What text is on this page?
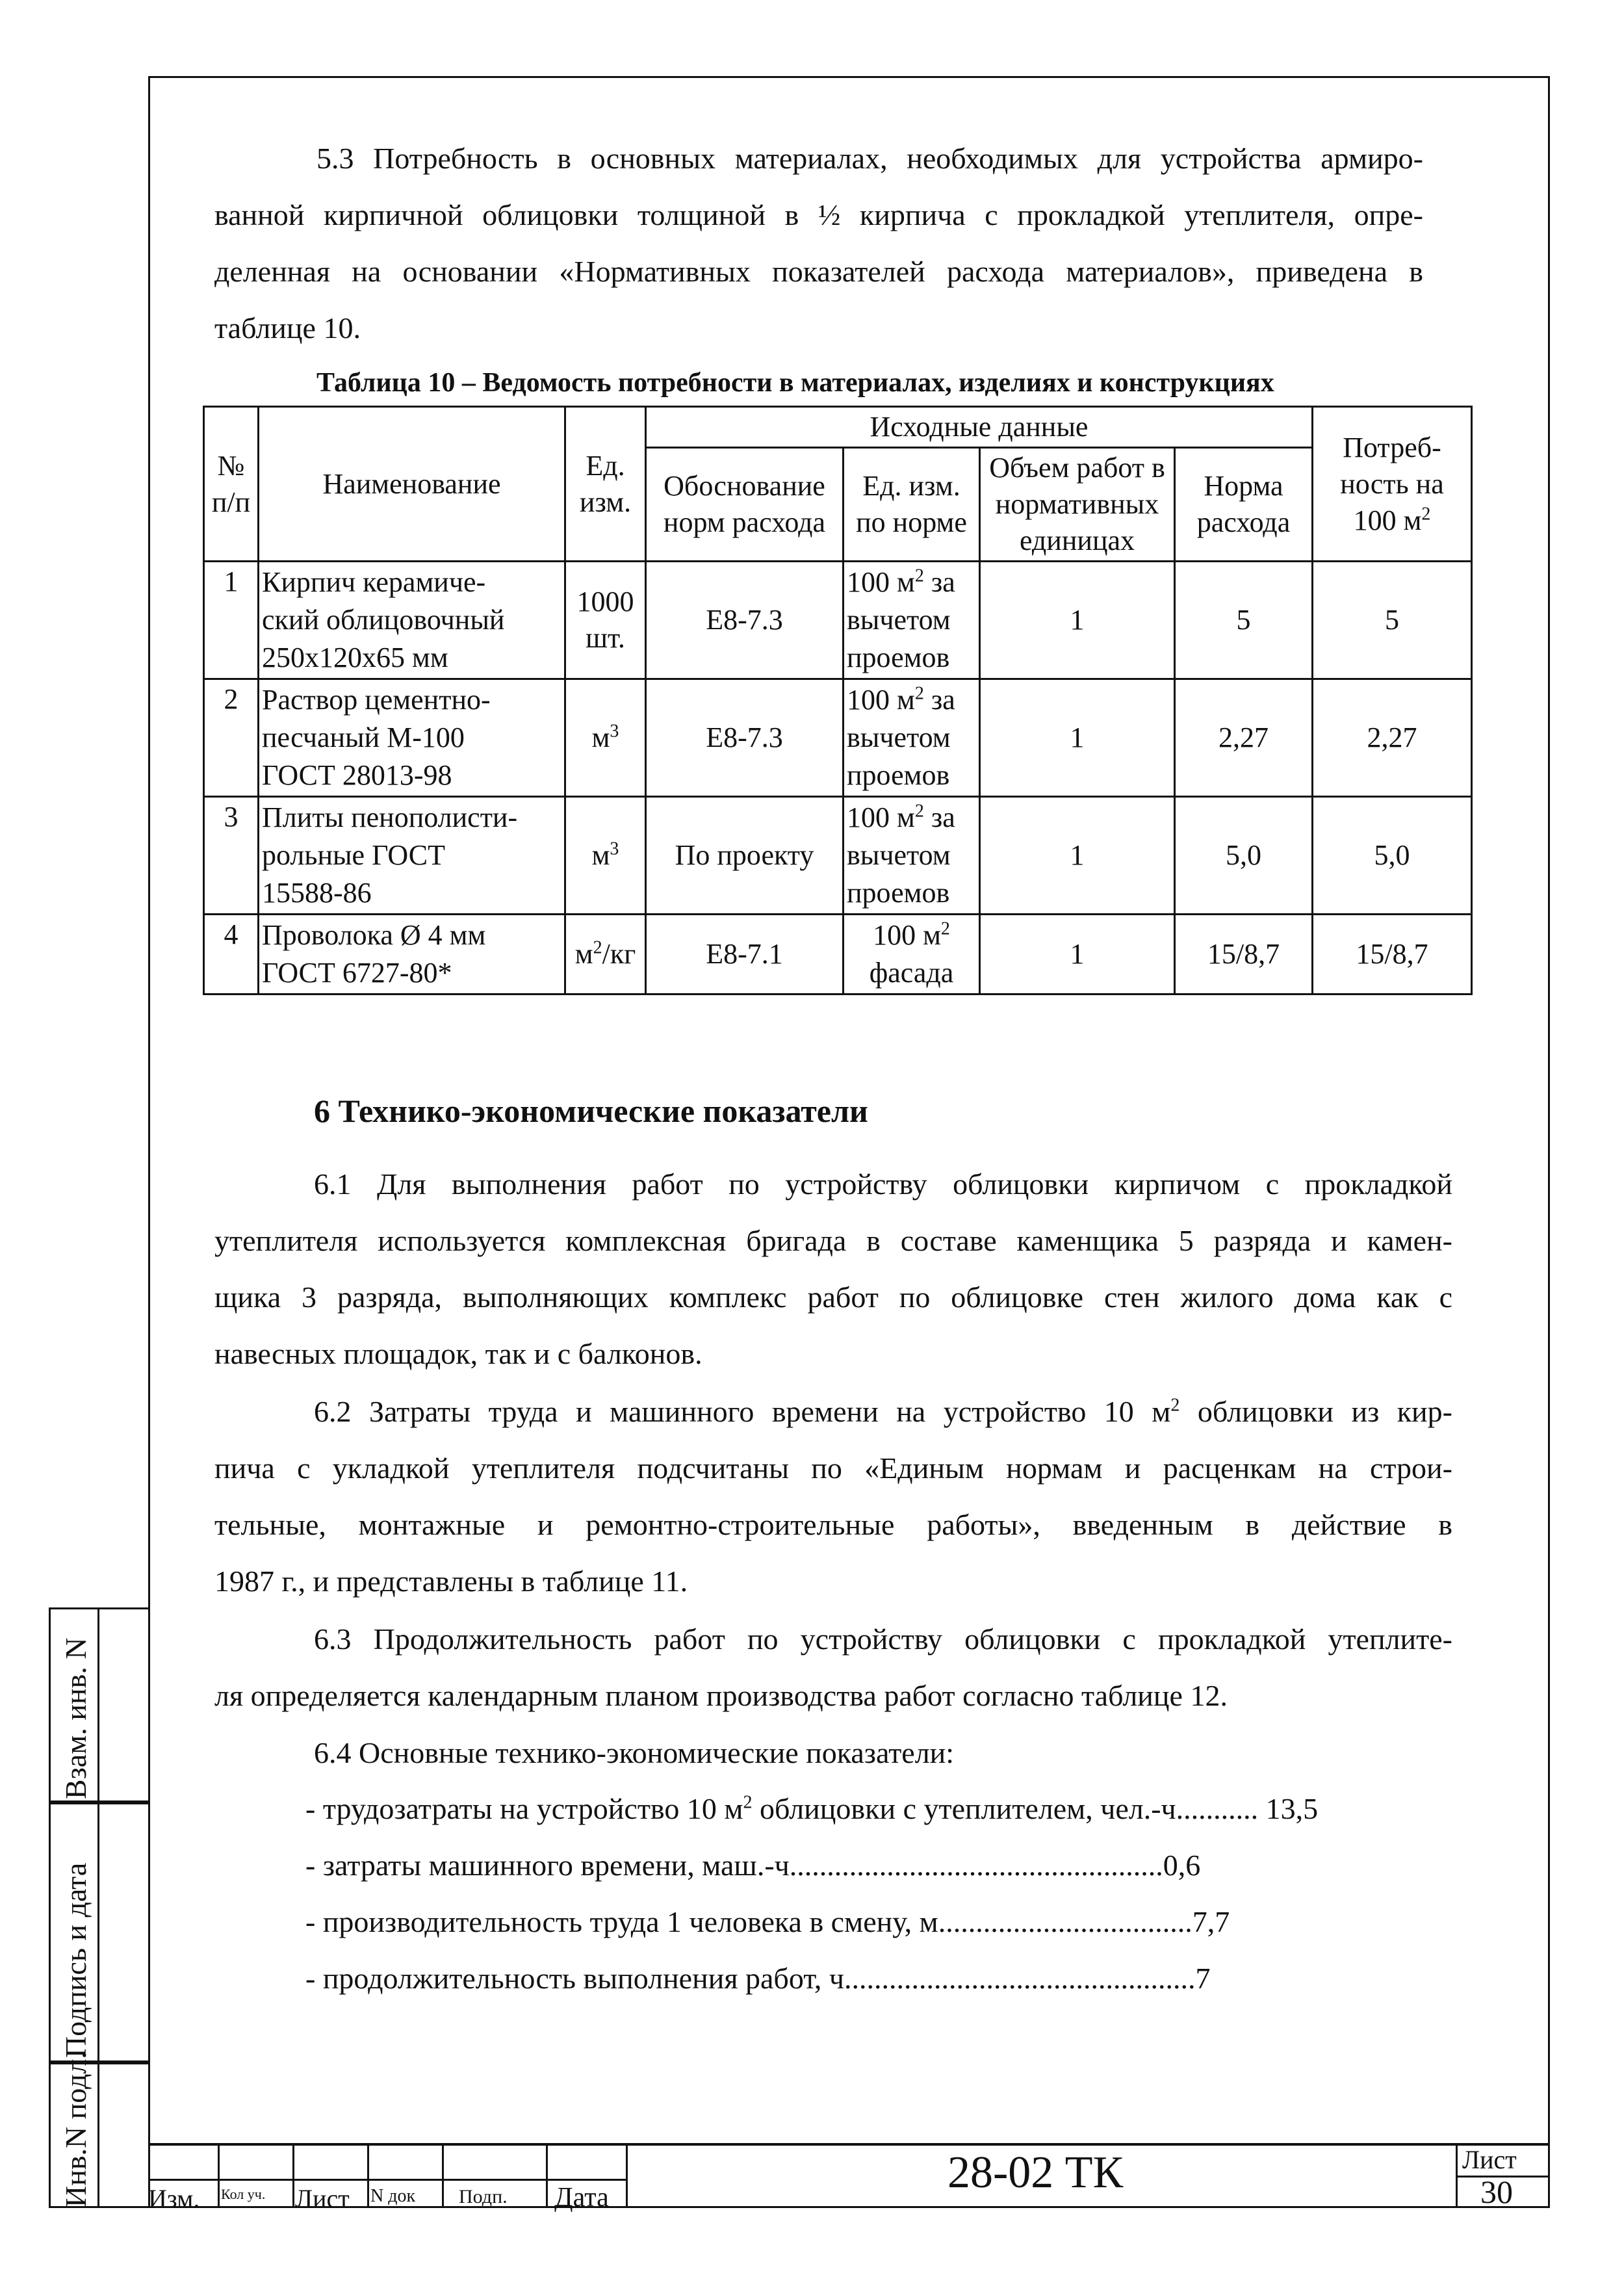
5.3 Потребность в основных материалах, необходимых для устройства армиро-
ванной кирпичной облицовки толщиной в ½ кирпича с прокладкой утеплителя, опре-
деленная на основании «Нормативных показателей расхода материалов», приведена в
таблице 10.
Таблица 10 – Ведомость потребности в материалах, изделиях и конструкциях
№ п/п	Наименование	Ед. изм.	Исходные данные				Потреб-ность на 100 $м^2$
			Обоснование норм расхода	Ед. изм. по норме	Объем работ в нормативных единицах	Норма расхода	
1	Кирпич керамиче-
ский облицовочный
250х120х65 мм	1000 шт.	Е8-7.3	100 $м^2$ за
вычетом
проемов	1	5	5
2	Раствор цементно-
песчаный М-100
ГОСТ 28013-98	$м^3$	Е8-7.3	100 $м^2$ за
вычетом
проемов	1	2,27	2,27
3	Плиты пенополисти-
рольные ГОСТ
15588-86	$м^3$	По проекту	100 $м^2$ за
вычетом
проемов	1	5,0	5,0
4	Проволока Ø 4 мм
ГОСТ 6727-80*	$м^2/кг$	Е8-7.1	100 $м^2$
фасада	1	15/8,7	15/8,7
6 Технико-экономические показатели
6.1 Для выполнения работ по устройству облицовки кирпичом с прокладкой
утеплителя используется комплексная бригада в составе каменщика 5 разряда и камен-
щика 3 разряда, выполняющих комплекс работ по облицовке стен жилого дома как с
навесных площадок, так и с балконов.
6.2 Затраты труда и машинного времени на устройство 10 $м^2$ облицовки из кир-
пича с укладкой утеплителя подсчитаны по «Единым нормам и расценкам на строи-
тельные, монтажные и ремонтно-строительные работы», введенным в действие в
1987 г., и представлены в таблице 11.
6.3 Продолжительность работ по устройству облицовки с прокладкой утеплите-
ля определяется календарным планом производства работ согласно таблице 12.
6.4 Основные технико-экономические показатели:
- трудозатраты на устройство 10 $м^2$ облицовки с утеплителем, чел.-ч........... 13,5
- затраты машинного времени, маш.-ч..................................................0,6
- производительность труда 1 человека в смену, м..................................7,7
- продолжительность выполнения работ, ч...............................................7
Взам. инв. N
Подпись и дата
Инв.N подл. Изм. Кол уч. Лист N док Подп. Дата	28-02 ТК	Лист
30
